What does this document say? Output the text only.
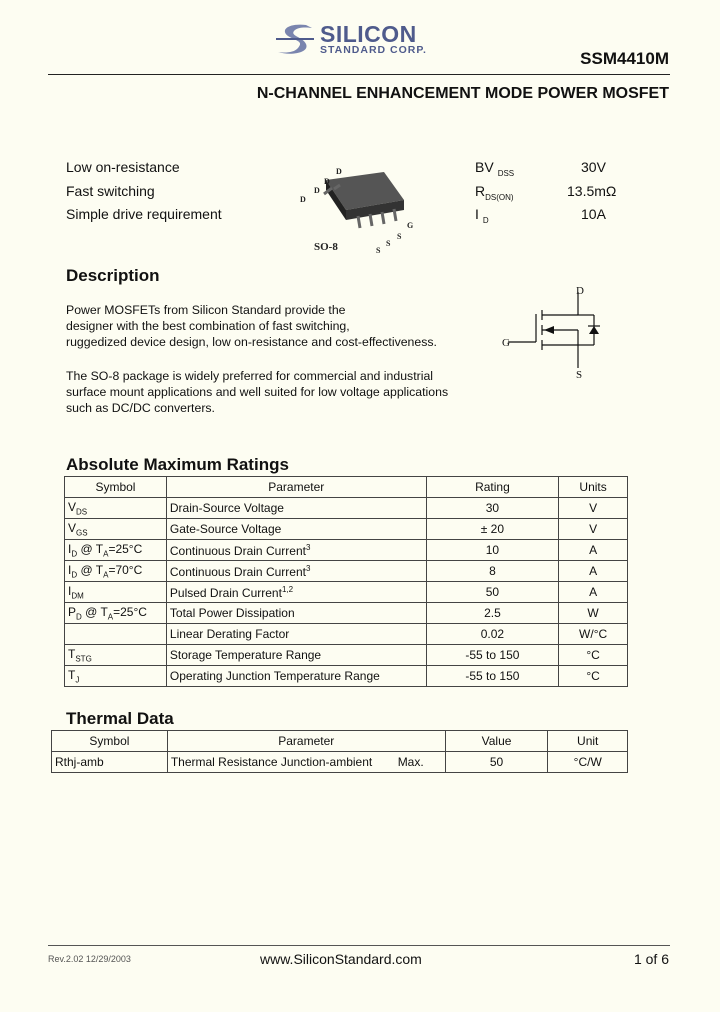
SILICON
STANDARD CORP.	SSM4410M
N-CHANNEL ENHANCEMENT MODE POWER MOSFET
Low on-resistance
Fast switching
Simple drive requirement
D
D
D
D
S
S
S
G
SO-8
BV $_{DSS}$	30V
$R_{DS(ON)}$	13.5mΩ
I $_D$	10A
Description
Power MOSFETs from Silicon Standard provide the
designer with the best combination of fast switching,
ruggedized device design, low on-resistance and cost-effectiveness.
The SO-8 package is widely preferred for commercial and industrial
surface mount applications and well suited for low voltage applications
such as DC/DC converters.
D
G
S
Absolute Maximum Ratings
Symbol	Parameter	Rating	Units
$V_{DS}$	Drain-Source Voltage	30	V
$V_{GS}$	Gate-Source Voltage	± 20	V
$I_D$ @ $T_A=25^\circ C$	Continuous Drain Current$^3$	10	A
$I_D$ @ $T_A=70^\circ C$	Continuous Drain Current$^3$	8	A
$I_{DM}$	Pulsed Drain Current$^{1,2}$	50	A
$P_D$ @ $T_A=25^\circ C$	Total Power Dissipation	2.5	W
	Linear Derating Factor	0.02	W/°C
$T_{STG}$	Storage Temperature Range	-55 to 150	°C
$T_J$	Operating Junction Temperature Range	-55 to 150	°C
Thermal Data
Symbol	Parameter		Value	Unit
Rthj-amb	Thermal Resistance Junction-ambient	Max.	50	°C/W
Rev.2.02 12/29/2003	www.SiliconStandard.com	1 of 6
